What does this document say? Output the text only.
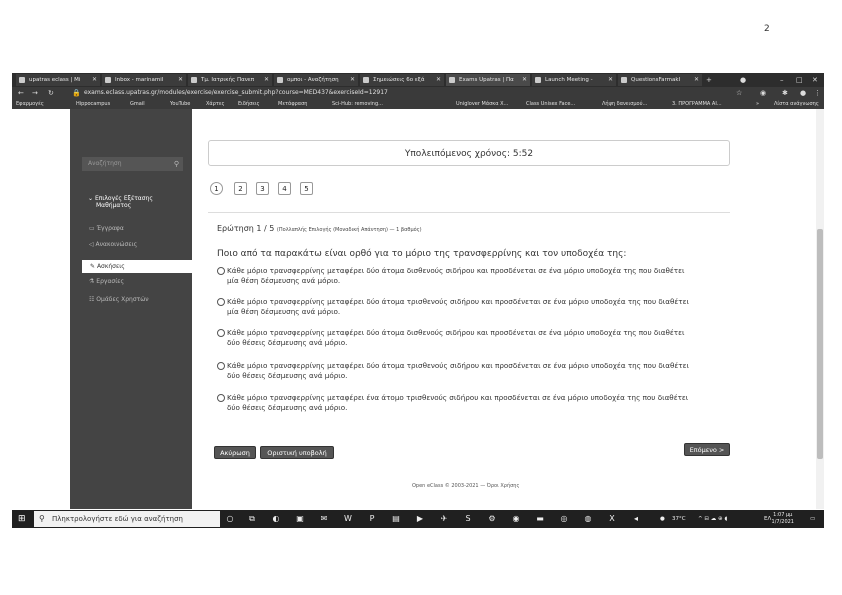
2
upatras eclass | Mi ✕	Inbox - marinamil ✕	Τμ. Ιατρικής Πανεπ ✕	ομποι - Αναζήτηση ✕	Σημειώσεις 6ο εξά ✕	Exams Upatras | Πα ✕	Launch Meeting -	✕	QuestionsFarmakI ✕ +	●	– □ ✕
← → ↻	🔒 exams.eclass.upatras.gr/modules/exercise/exercise_submit.php?course=MED437&exerciseId=12917	☆	◉ ✱ ● ⋮
Εφαρμογές	Hippocampus	Gmail	YouTube	Χάρτες	Ειδήσεις	Μετάφραση	Sci-Hub: removing...	Uniglover Μάσκα Χ...	Class Unisex Face...	Λήψη δανεισμού...	3. ΠΡΟΓΡΑΜΜΑ ΑΙ...	»	Λίστα ανάγνωσης
Αναζήτηση	⚲
⌄ Επιλογές Εξέτασης
Μαθήματος
▭ Έγγραφα
◁ Ανακοινώσεις
✎ Ασκήσεις
⚗ Εργασίες
☷ Ομάδες Χρηστών
Υπολειπόμενος χρόνος: 5:52
1	2	3	4	5
Ερώτηση 1 / 5 (Πολλαπλής Επιλογής (Μοναδική Απάντηση) — 1 βαθμός)
Ποιο από τα παρακάτω είναι ορθό για το μόριο της τρανσφερρίνης και τον υποδοχέα της:
Κάθε μόριο τρανσφερρίνης μεταφέρει δύο άτομα δισθενούς σιδήρου και προσδένεται σε ένα μόριο υποδοχέα της που διαθέτει
μία θέση δέσμευσης ανά μόριο.
Κάθε μόριο τρανσφερρίνης μεταφέρει δύο άτομα τρισθενούς σιδήρου και προσδένεται σε ένα μόριο υποδοχέα της που διαθέτει
μία θέση δέσμευσης ανά μόριο.
Κάθε μόριο τρανσφερρίνης μεταφέρει δύο άτομα δισθενούς σιδήρου και προσδένεται σε ένα μόριο υποδοχέα της που διαθέτει
δύο θέσεις δέσμευσης ανά μόριο.
Κάθε μόριο τρανσφερρίνης μεταφέρει δύο άτομα τρισθενούς σιδήρου και προσδένεται σε ένα μόριο υποδοχέα της που διαθέτει
δύο θέσεις δέσμευσης ανά μόριο.
Κάθε μόριο τρανσφερρίνης μεταφέρει ένα άτομο τρισθενούς σιδήρου και προσδένεται σε ένα μόριο υποδοχέα της που διαθέτει
δύο θέσεις δέσμευσης ανά μόριο.
Ακύρωση	Οριστική υποβολή	Επόμενο >
Open eClass © 2003-2021 — Όροι Χρήσης
⊞ ⚲ Πληκτρολογήστε εδώ για αναζήτηση	○	⧉	◐	▣	✉	W	P	▤	▶	✈	S	⚙	◉	▬	◎	◍	X	◂	● 37°C ^ ⊟ ☁ ⊕ ◖	ΕΛ
1:07 μμ
1/7/2021	▭
